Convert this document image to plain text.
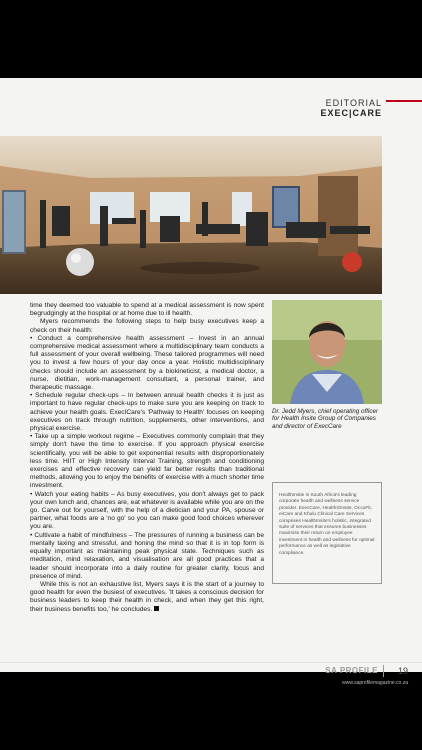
EDITORIAL
EXEC|CARE

time they deemed too valuable to spend at a medical assessment is now spent begrudgingly at the hospital or at home due to ill health.

Myers recommends the following steps to help busy executives keep a check on their health:

• Conduct a comprehensive health assessment – Invest in an annual comprehensive medical assessment where a multidisciplinary team conducts a full assessment of your overall wellbeing. These tailored programmes will need you to invest a few hours of your day once a year. Holistic multidisciplinary checks should include an assessment by a biokineticist, a medical doctor, a nurse, dietitian, work-management consultant, a personal trainer, and therapeutic massage.

• Schedule regular check-ups – In between annual health checks it is just as important to have regular check-ups to make sure you are keeping on track to achieve your health goals. ExecICare's 'Pathway to Health' focuses on keeping executives on track through nutrition, supplements, other interventions, and physical exercise.

• Take up a simple workout regime – Executives commonly complain that they simply don't have the time to exercise. If you approach physical exercise scientifically, you will be able to get exponential results with disproportionately less time. HIIT or High Intensity Interval Training, strength and conditioning exercises and effective recovery can yield far better results than traditional methods, allowing you to enjoy the benefits of exercise with a much shorter time investment.

• Watch your eating habits – As busy executives, you don't always get to pack your own lunch and, chances are, eat whatever is available while you are on the go. Carve out for yourself, with the help of a dietician and your PA, spouse or partner, what foods are a 'no go' so you can make good food choices wherever you are.

• Cultivate a habit of mindfulness – The pressures of running a business can be mentally taxing and stressful, and honing the mind so that it is in top form is equally important as maintaining peak physical state. Techniques such as meditation, mind relaxation, and visualisation are all good practices that a leader should incorporate into a daily routine for greater clarity, focus and presence of mind.

While this is not an exhaustive list, Myers says it is the start of a journey to good health for even the busiest of executives. 'It takes a conscious decision for business leaders to keep their health in check, and when they get this right, their business benefits too,' he concludes.

Dr. Jedd Myers, chief operating officer for Health Insite Group of Companies and director of ExecCare
HealthInsite is South Africa's leading corporate health and wellness service provider. ExecCare, HealthIOnsite, OccuFit, eiCare and Khulu Clinical Care Services comprises HealthInsite's holistic, integrated suite of services that ensures businesses maximise their return on employee investment in health and wellness for optimal performance as well as legislative compliance.
SA PROFILE 19
www.saprofilemagazine.co.za
